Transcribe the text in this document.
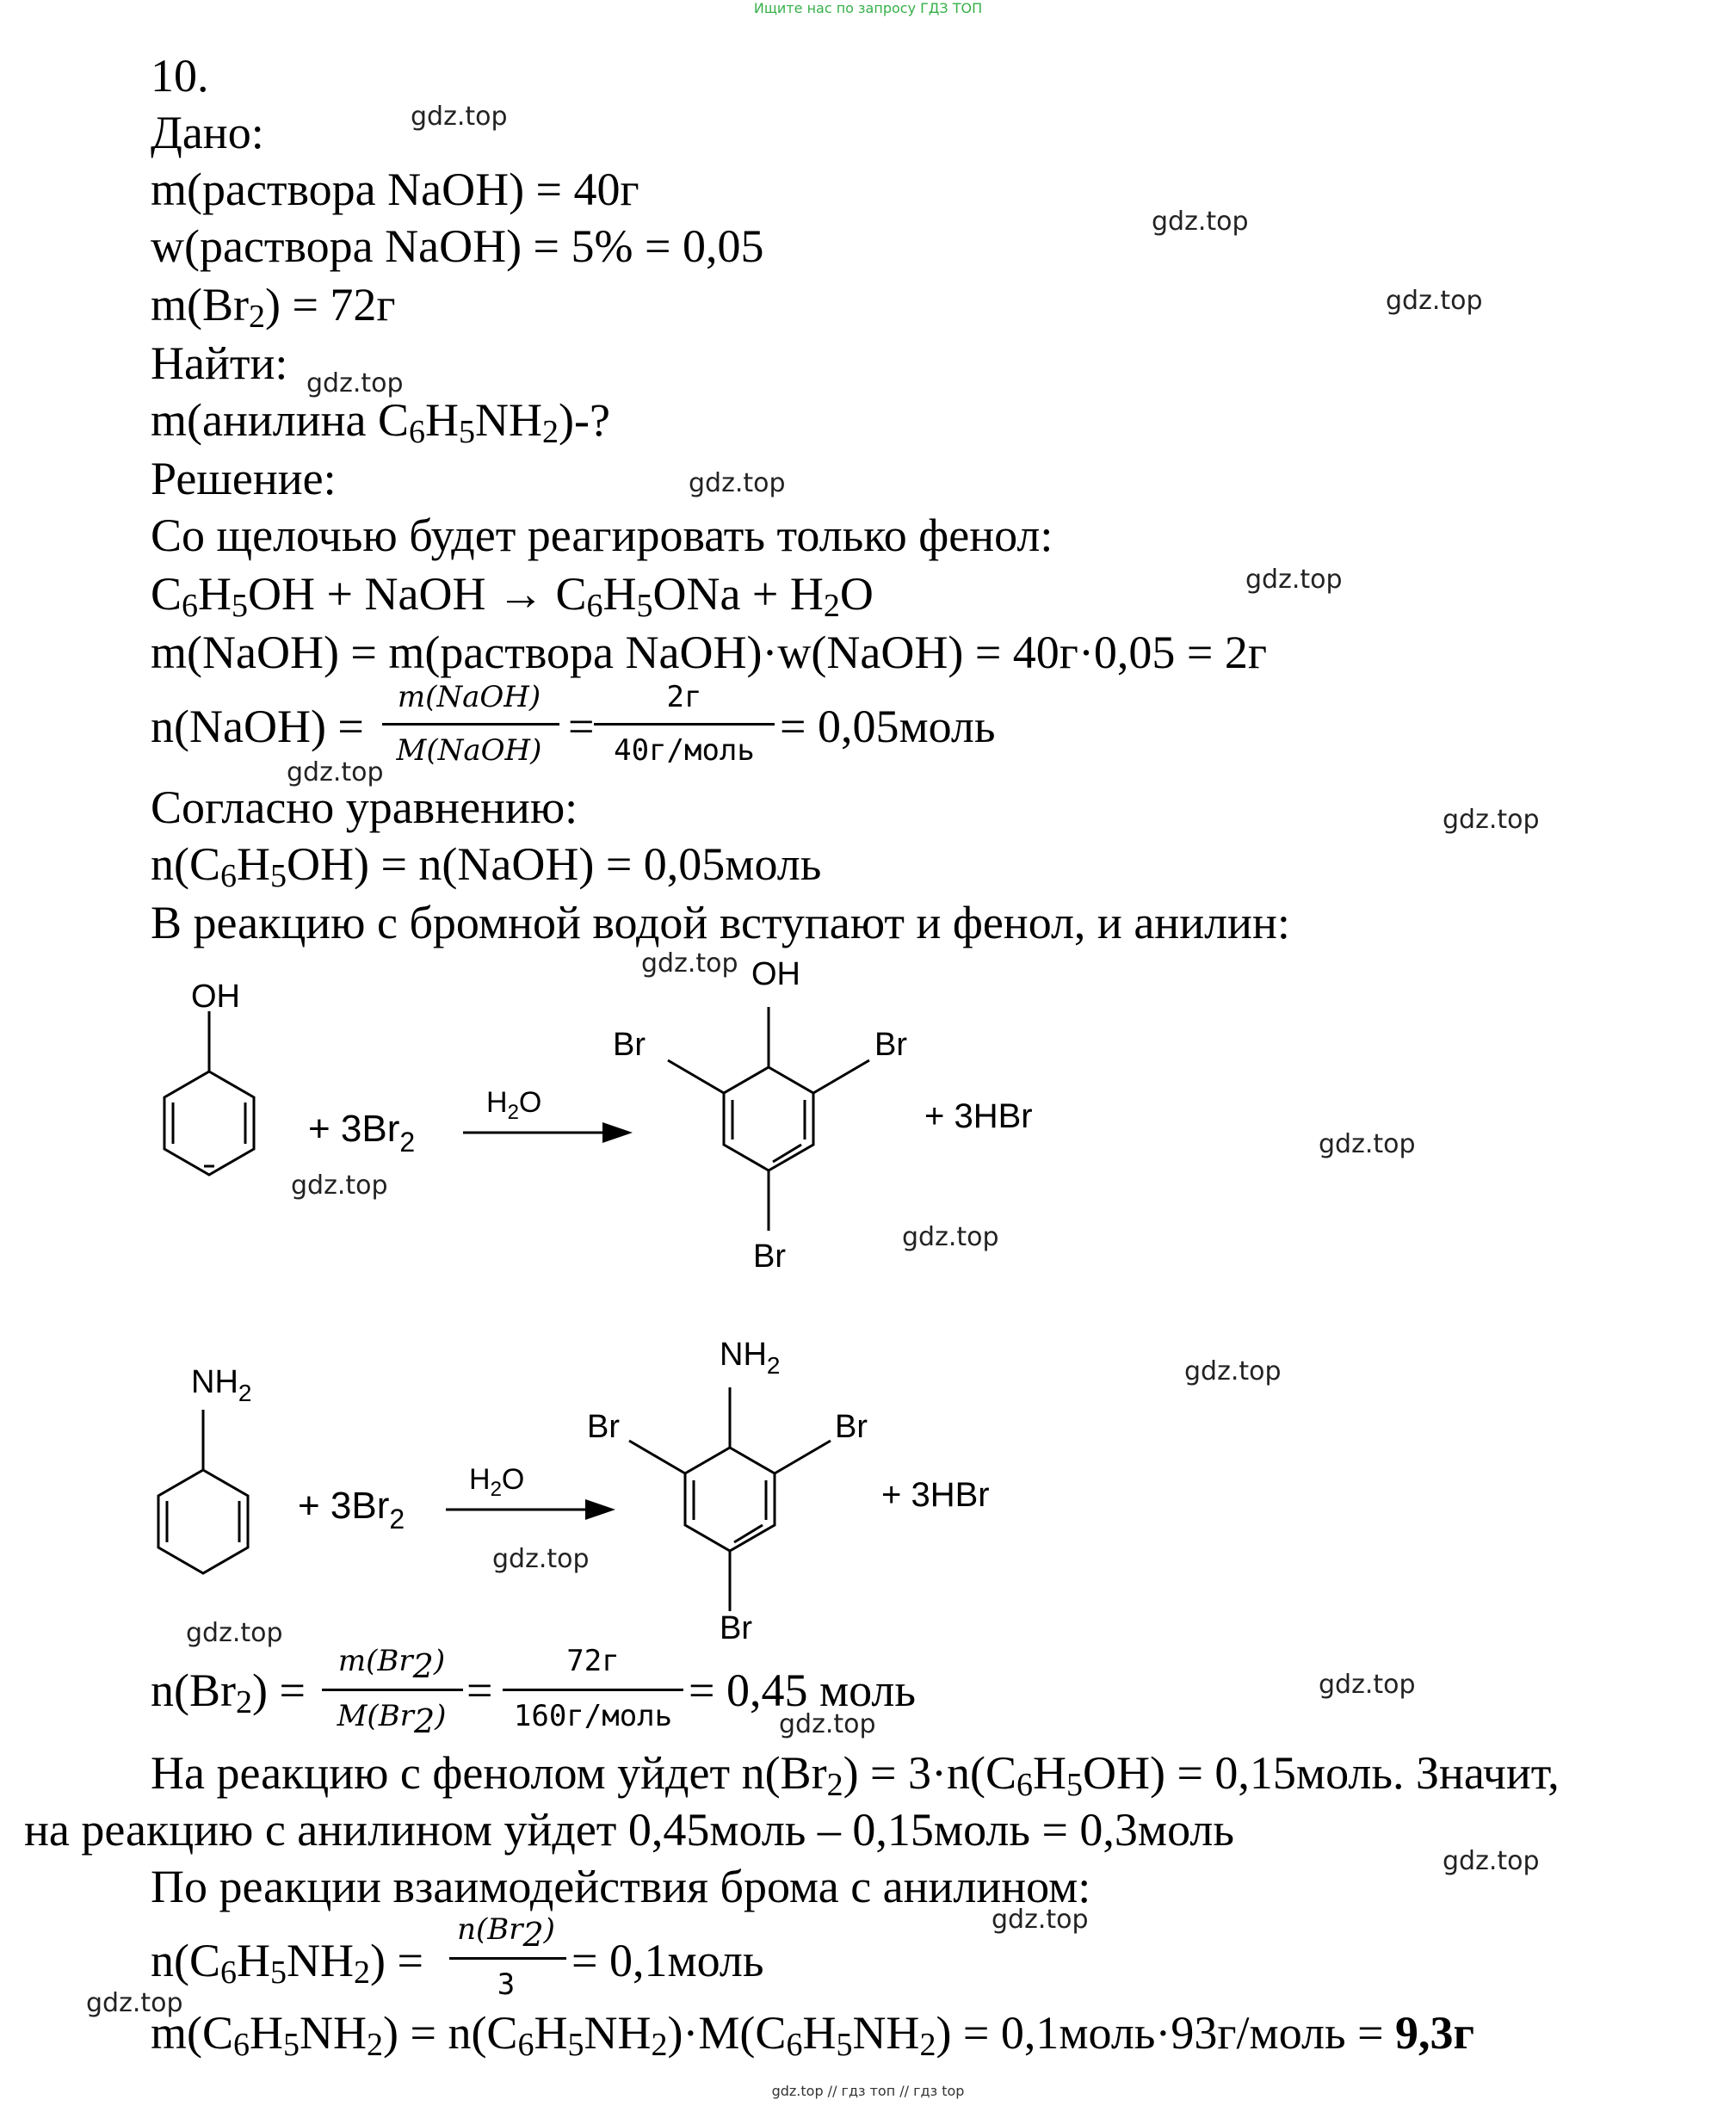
Ищите нас по запросу ГДЗ ТОП
gdz.top
gdz.top
gdz.top
gdz.top
gdz.top
gdz.top
gdz.top
gdz.top
gdz.top
gdz.top
gdz.top
gdz.top
gdz.top
gdz.top
gdz.top
gdz.top
gdz.top
gdz.top
gdz.top
gdz.top
10.
Дано:
m(раствора NaOH) = 40г
w(раствора NaOH) = 5% = 0,05
$m(Br_2) = 72г$
Найти:
m(анилина $C_6H_5NH_2)-$?
Решение:
Со щелочью будет реагировать только фенол:
$C_6H_5OH$ + NaOH → $C_6H_5ONa + H_2O$
m(NaOH) = m(раствора NaOH)·w(NaOH) = 40г·0,05 = 2г
n(NaOH) =
m(NaOH)
M(NaOH) =
2г
40г/моль = 0,05моль
Согласно уравнению:
$n(C_6H_5OH)$ = n(NaOH) = 0,05моль
В реакцию с бромной водой вступают и фенол, и анилин:
OH
+ $3Br_2$
$H_2O$
OH
Br	Br
Br
+ 3HBr
$NH_2$
+ $3Br_2$
$H_2O$
$NH_2$
Br	Br
Br
+ 3HBr
$n(Br_2)$ =
m(Br2)
M(Br2) =
72г
160г/моль = 0,45 моль
На реакцию с фенолом уйдет $n(Br_2) = 3\cdot n(C_6H_5OH)$ = 0,15моль. Значит,
на реакцию с анилином уйдет 0,45моль – 0,15моль = 0,3моль
По реакции взаимодействия брома с анилином:
$n(C_6H_5NH_2)$ =
n(Br2)
3	= 0,1моль
$m(C_6H_5NH_2) = n(C_6H_5NH_2)\cdot M(C_6H_5NH_2)$ = 0,1моль·93г/моль = 9,3г
gdz.top // гдз топ // гдз top
